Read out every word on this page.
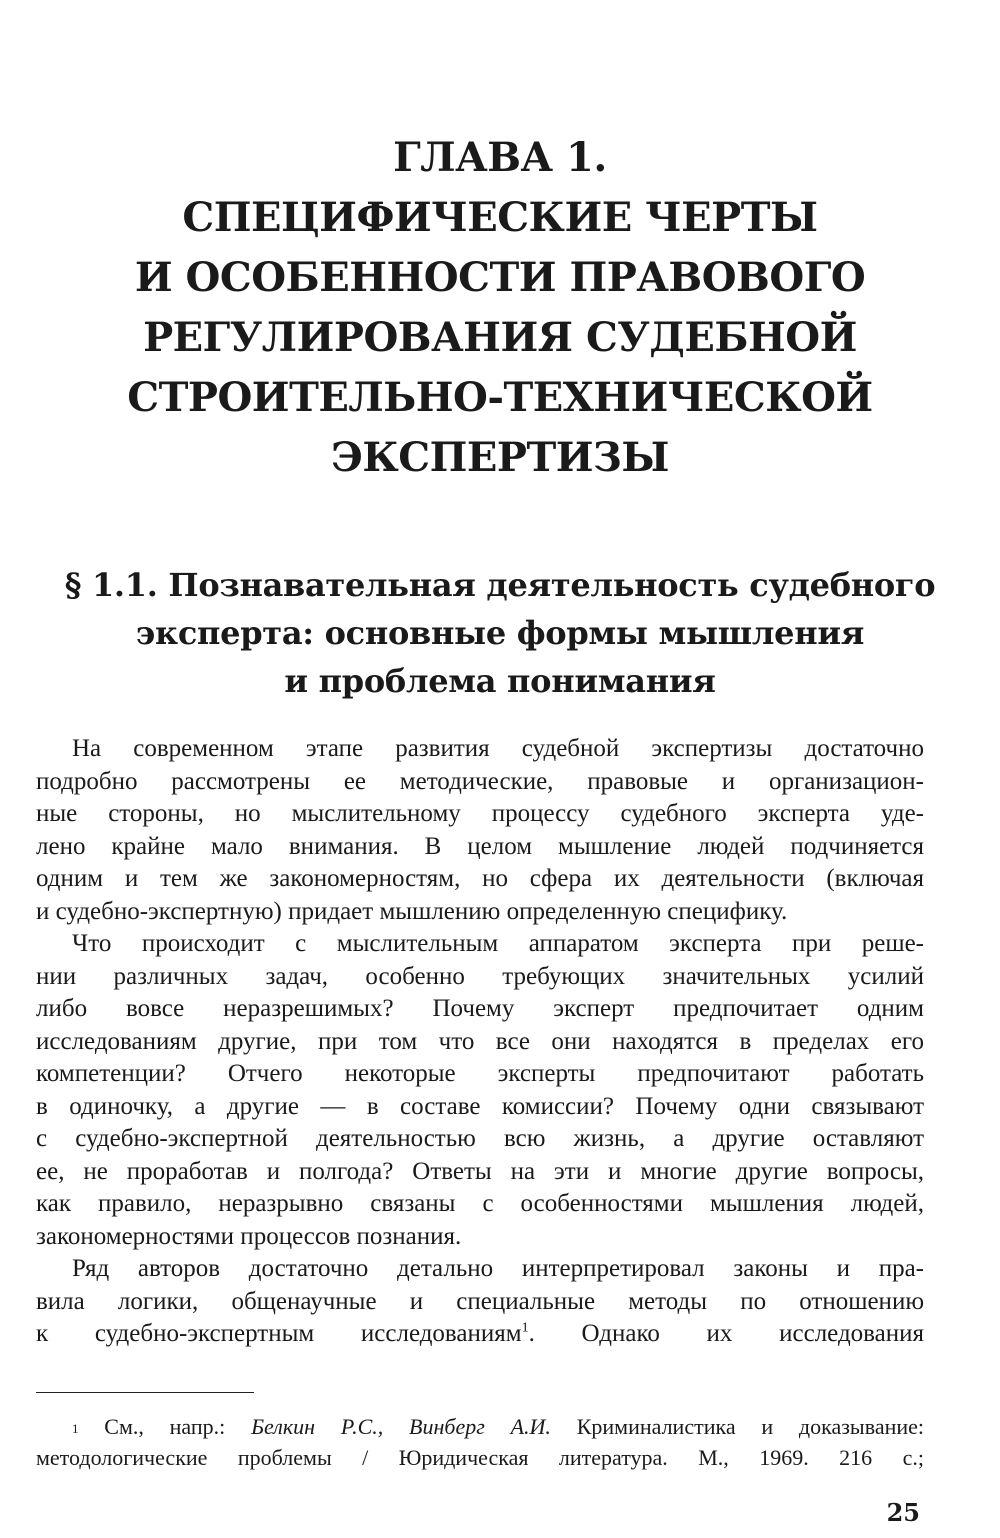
ГЛАВА 1.
СПЕЦИФИЧЕСКИЕ ЧЕРТЫ
И ОСОБЕННОСТИ ПРАВОВОГО
РЕГУЛИРОВАНИЯ СУДЕБНОЙ
СТРОИТЕЛЬНО-ТЕХНИЧЕСКОЙ
ЭКСПЕРТИЗЫ
§ 1.1. Познавательная деятельность судебного
эксперта: основные формы мышления
и проблема понимания

На современном этапе развития судебной экспертизы достаточно
подробно рассмотрены ее методические, правовые и организацион-
ные стороны, но мыслительному процессу судебного эксперта уде-
лено крайне мало внимания. В целом мышление людей подчиняется
одним и тем же закономерностям, но сфера их деятельности (включая
и судебно-экспертную) придает мышлению определенную специфику.

Что происходит с мыслительным аппаратом эксперта при реше-
нии различных задач, особенно требующих значительных усилий
либо вовсе неразрешимых? Почему эксперт предпочитает одним
исследованиям другие, при том что все они находятся в пределах его
компетенции? Отчего некоторые эксперты предпочитают работать
в одиночку, а другие — в составе комиссии? Почему одни связывают
с судебно-экспертной деятельностью всю жизнь, а другие оставляют
ее, не проработав и полгода? Ответы на эти и многие другие вопросы,
как правило, неразрывно связаны с особенностями мышления людей,
закономерностями процессов познания.

Ряд авторов достаточно детально интерпретировал законы и пра-
вила логики, общенаучные и специальные методы по отношению
к судебно-экспертным исследованиям$^1$. Однако их исследования

$^1$ См., напр.: Белкин Р.С., Винберг А.И. Криминалистика и доказывание:
методологические проблемы / Юридическая литература. М., 1969. 216 с.;
25
